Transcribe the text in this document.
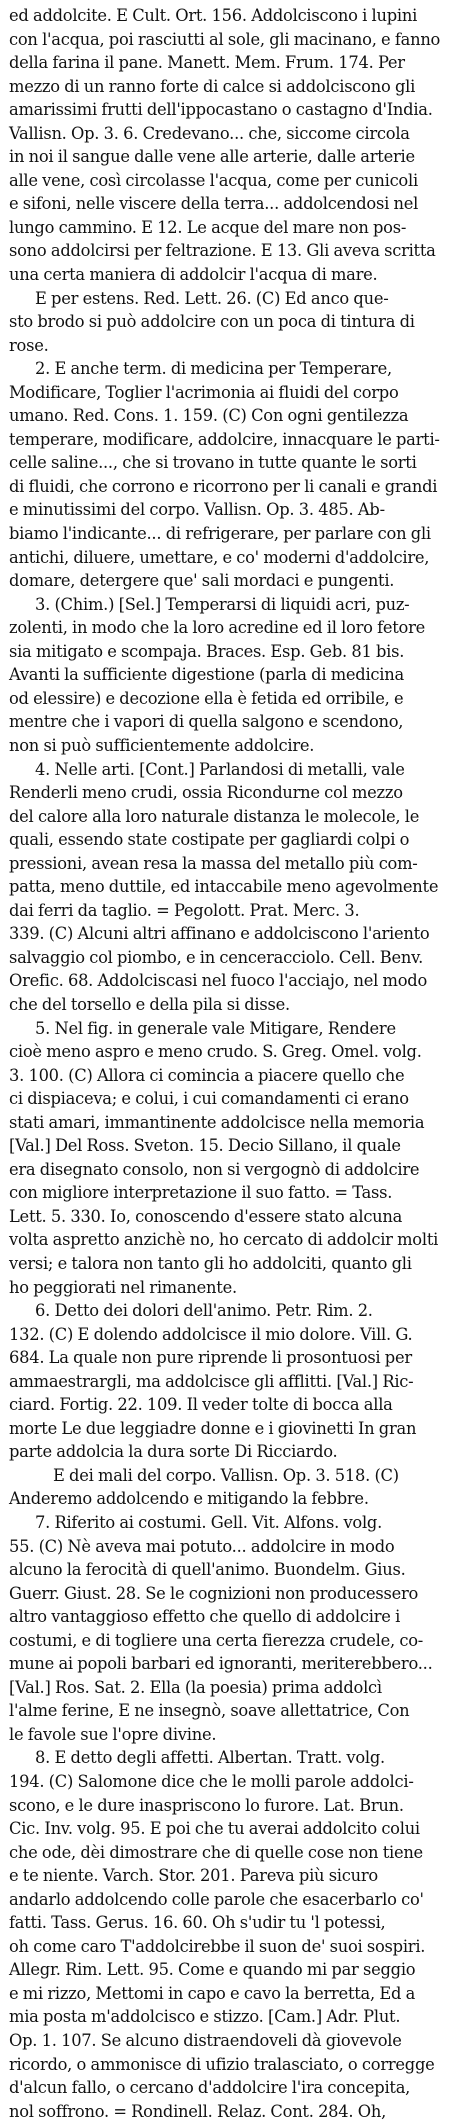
ed addolcite. E Cult. Ort. 156. Addolciscono i lupini
con l'acqua, poi rasciutti al sole, gli macinano, e fanno
della farina il pane. Manett. Mem. Frum. 174. Per
mezzo di un ranno forte di calce si addolciscono gli
amarissimi frutti dell'ippocastano o castagno d'India.
Vallisn. Op. 3. 6. Credevano... che, siccome circola
in noi il sangue dalle vene alle arterie, dalle arterie
alle vene, così circolasse l'acqua, come per cunicoli
e sifoni, nelle viscere della terra... addolcendosi nel
lungo cammino. E 12. Le acque del mare non pos-
sono addolcirsi per feltrazione. E 13. Gli aveva scritta
una certa maniera di addolcir l'acqua di mare.
E per estens. Red. Lett. 26. (C) Ed anco que-
sto brodo si può addolcire con un poca di tintura di
rose.
2. E anche term. di medicina per Temperare,
Modificare, Toglier l'acrimonia ai fluidi del corpo
umano. Red. Cons. 1. 159. (C) Con ogni gentilezza
temperare, modificare, addolcire, innacquare le parti-
celle saline..., che si trovano in tutte quante le sorti
di fluidi, che corrono e ricorrono per li canali e grandi
e minutissimi del corpo. Vallisn. Op. 3. 485. Ab-
biamo l'indicante... di refrigerare, per parlare con gli
antichi, diluere, umettare, e co' moderni d'addolcire,
domare, detergere que' sali mordaci e pungenti.
3. (Chim.) [Sel.] Temperarsi di liquidi acri, puz-
zolenti, in modo che la loro acredine ed il loro fetore
sia mitigato e scompaja. Braces. Esp. Geb. 81 bis.
Avanti la sufficiente digestione (parla di medicina
od elessire) e decozione ella è fetida ed orribile, e
mentre che i vapori di quella salgono e scendono,
non si può sufficientemente addolcire.
4. Nelle arti. [Cont.] Parlandosi di metalli, vale
Renderli meno crudi, ossia Ricondurne col mezzo
del calore alla loro naturale distanza le molecole, le
quali, essendo state costipate per gagliardi colpi o
pressioni, avean resa la massa del metallo più com-
patta, meno duttile, ed intaccabile meno agevolmente
dai ferri da taglio. = Pegolott. Prat. Merc. 3.
339. (C) Alcuni altri affinano e addolciscono l'ariento
salvaggio col piombo, e in cenceracciolo. Cell. Benv.
Orefic. 68. Addolciscasi nel fuoco l'acciajo, nel modo
che del torsello e della pila si disse.
5. Nel fig. in generale vale Mitigare, Rendere
cioè meno aspro e meno crudo. S. Greg. Omel. volg.
3. 100. (C) Allora ci comincia a piacere quello che
ci dispiaceva; e colui, i cui comandamenti ci erano
stati amari, immantinente addolcisce nella memoria
[Val.] Del Ross. Sveton. 15. Decio Sillano, il quale
era disegnato consolo, non si vergognò di addolcire
con migliore interpretazione il suo fatto. = Tass.
Lett. 5. 330. Io, conoscendo d'essere stato alcuna
volta aspretto anzichè no, ho cercato di addolcir molti
versi; e talora non tanto gli ho addolciti, quanto gli
ho peggiorati nel rimanente.
6. Detto dei dolori dell'animo. Petr. Rim. 2.
132. (C) E dolendo addolcisce il mio dolore. Vill. G.
684. La quale non pure riprende li prosontuosi per
ammaestrargli, ma addolcisce gli afflitti. [Val.] Ric-
ciard. Fortig. 22. 109. Il veder tolte di bocca alla
morte Le due leggiadre donne e i giovinetti In gran
parte addolcia la dura sorte Di Ricciardo.
E dei mali del corpo. Vallisn. Op. 3. 518. (C)
Anderemo addolcendo e mitigando la febbre.
7. Riferito ai costumi. Gell. Vit. Alfons. volg.
55. (C) Nè aveva mai potuto... addolcire in modo
alcuno la ferocità di quell'animo. Buondelm. Gius.
Guerr. Giust. 28. Se le cognizioni non producessero
altro vantaggioso effetto che quello di addolcire i
costumi, e di togliere una certa fierezza crudele, co-
mune ai popoli barbari ed ignoranti, meriterebbero...
[Val.] Ros. Sat. 2. Ella (la poesia) prima addolcì
l'alme ferine, E ne insegnò, soave allettatrice, Con
le favole sue l'opre divine.
8. E detto degli affetti. Albertan. Tratt. volg.
194. (C) Salomone dice che le molli parole addolci-
scono, e le dure inaspriscono lo furore. Lat. Brun.
Cic. Inv. volg. 95. E poi che tu averai addolcito colui
che ode, dèi dimostrare che di quelle cose non tiene
e te niente. Varch. Stor. 201. Pareva più sicuro
andarlo addolcendo colle parole che esacerbarlo co'
fatti. Tass. Gerus. 16. 60. Oh s'udir tu 'l potessi,
oh come caro T'addolcirebbe il suon de' suoi sospiri.
Allegr. Rim. Lett. 95. Come e quando mi par seggio
e mi rizzo, Mettomi in capo e cavo la berretta, Ed a
mia posta m'addolcisco e stizzo. [Cam.] Adr. Plut.
Op. 1. 107. Se alcuno distraendoveli dà giovevole
ricordo, o ammonisce di ufizio tralasciato, o corregge
d'alcun fallo, o cercano d'addolcire l'ira concepita,
nol soffrono. = Rondinell. Relaz. Cont. 284. Oh,
